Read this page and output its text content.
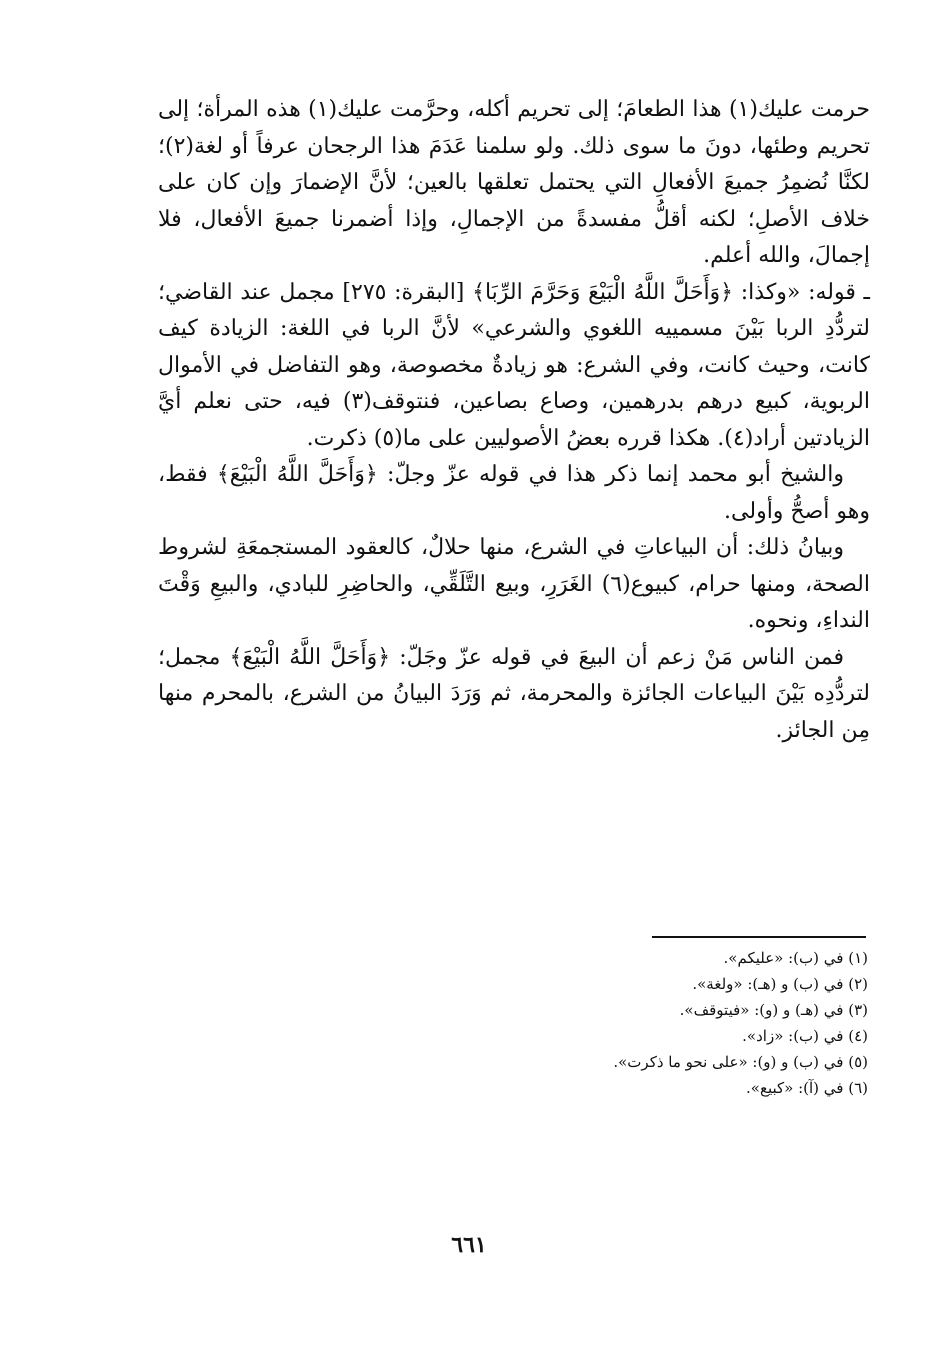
حرمت عليك(١) هذا الطعامَ؛ إلى تحريم أكله، وحرَّمت عليك(١) هذه المرأة؛ إلى تحريم وطئها، دونَ ما سوى ذلك. ولو سلمنا عَدَمَ هذا الرجحان عرفاً أو لغة(٢)؛ لكنَّا نُضمِرُ جميعَ الأفعالِ التي يحتمل تعلقها بالعين؛ لأنَّ الإضمارَ وإن كان على خلاف الأصلِ؛ لكنه أقلُّ مفسدةً من الإجمالِ، وإذا أضمرنا جميعَ الأفعال، فلا إجمالَ، والله أعلم.

ـ قوله: «وكذا: ﴿وَأَحَلَّ اللَّهُ الْبَيْعَ وَحَرَّمَ الرِّبَا﴾ [البقرة: ٢٧٥] مجمل عند القاضي؛ لتردُّدِ الربا بَيْنَ مسمييه اللغوي والشرعي» لأنَّ الربا في اللغة: الزيادة كيف كانت، وحيث كانت، وفي الشرع: هو زيادةٌ مخصوصة، وهو التفاضل في الأموال الربوية، كبيع درهم بدرهمين، وصاع بصاعين، فنتوقف(٣) فيه، حتى نعلم أيَّ الزيادتين أراد(٤). هكذا قرره بعضُ الأصوليين على ما(٥) ذكرت.

والشيخ أبو محمد إنما ذكر هذا في قوله عزّ وجلّ: ﴿وَأَحَلَّ اللَّهُ الْبَيْعَ﴾ فقط، وهو أصحُّ وأولى.

وبيانُ ذلك: أن البياعاتِ في الشرع، منها حلالٌ، كالعقود المستجمعَةِ لشروط الصحة، ومنها حرام، كبيوع(٦) الغَرَرِ، وبيع التَّلَقِّي، والحاضِرِ للبادي، والبيعِ وَقْتَ النداءِ، ونحوه.

فمن الناس مَنْ زعم أن البيعَ في قوله عزّ وجَلّ: ﴿وَأَحَلَّ اللَّهُ الْبَيْعَ﴾ مجمل؛ لتردُّدِه بَيْنَ البياعات الجائزة والمحرمة، ثم وَرَدَ البيانُ من الشرع، بالمحرم منها مِن الجائز.

(١) في (ب): «عليكم».
(٢) في (ب) و (هـ): «ولغة».
(٣) في (هـ) و (و): «فيتوقف».
(٤) في (ب): «زاد».
(٥) في (ب) و (و): «على نحو ما ذكرت».
(٦) في (آ): «كبيع».
٦٦١
